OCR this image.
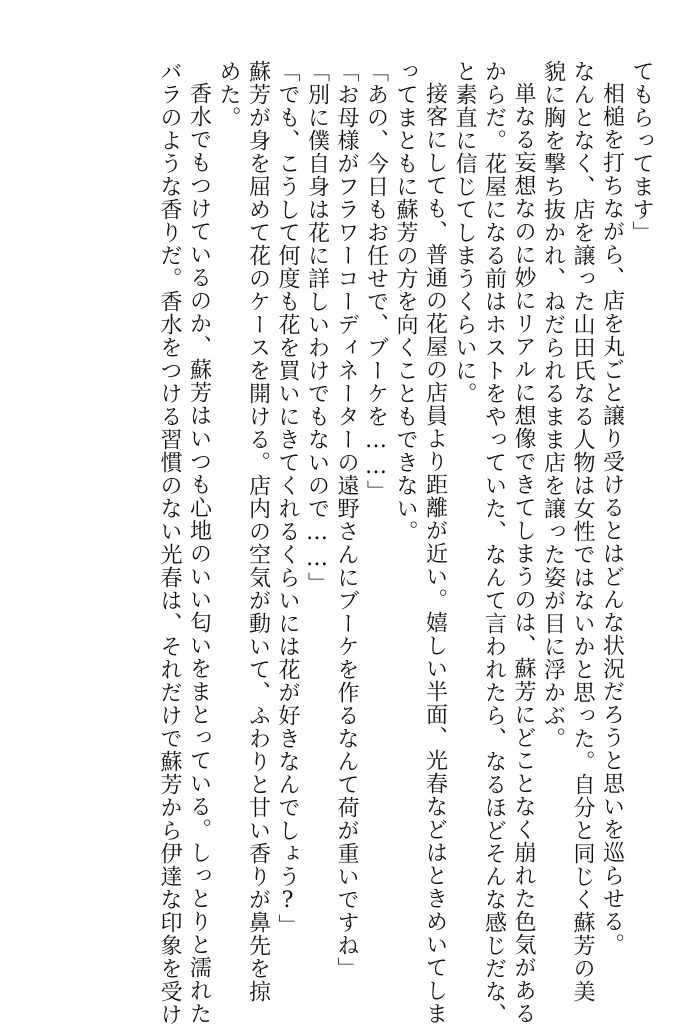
てもらってます」
相槌を打ちながら、店を丸ごと譲り受けるとはどんな状況だろうと思いを巡らせる。
なんとなく、店を譲った山田氏なる人物は女性ではないかと思った。自分と同じく蘇芳の美
貌に胸を撃ち抜かれ、ねだられるまま店を譲った姿が目に浮かぶ。
単なる妄想なのに妙にリアルに想像できてしまうのは、蘇芳にどことなく崩れた色気がある
からだ。花屋になる前はホストをやっていた、なんて言われたら、なるほどそんな感じだな、
と素直に信じてしまうくらいに。
接客にしても、普通の花屋の店員より距離が近い。嬉しい半面、光春などはときめいてしま
ってまともに蘇芳の方を向くこともできない。
「あの、今日もお任せで、ブーケを……」
「お母様がフラワーコーディネーターの遠野さんにブーケを作るなんて荷が重いですね」
「別に僕自身は花に詳しいわけでもないので……」
「でも、こうして何度も花を買いにきてくれるくらいには花が好きなんでしょう?」
蘇芳が身を屈めて花のケースを開ける。店内の空気が動いて、ふわりと甘い香りが鼻先を掠
めた。
香水でもつけているのか、蘇芳はいつも心地のいい匂いをまとっている。しっとりと濡れた
バラのような香りだ。香水をつける習慣のない光春は、それだけで蘇芳から伊達な印象を受け
